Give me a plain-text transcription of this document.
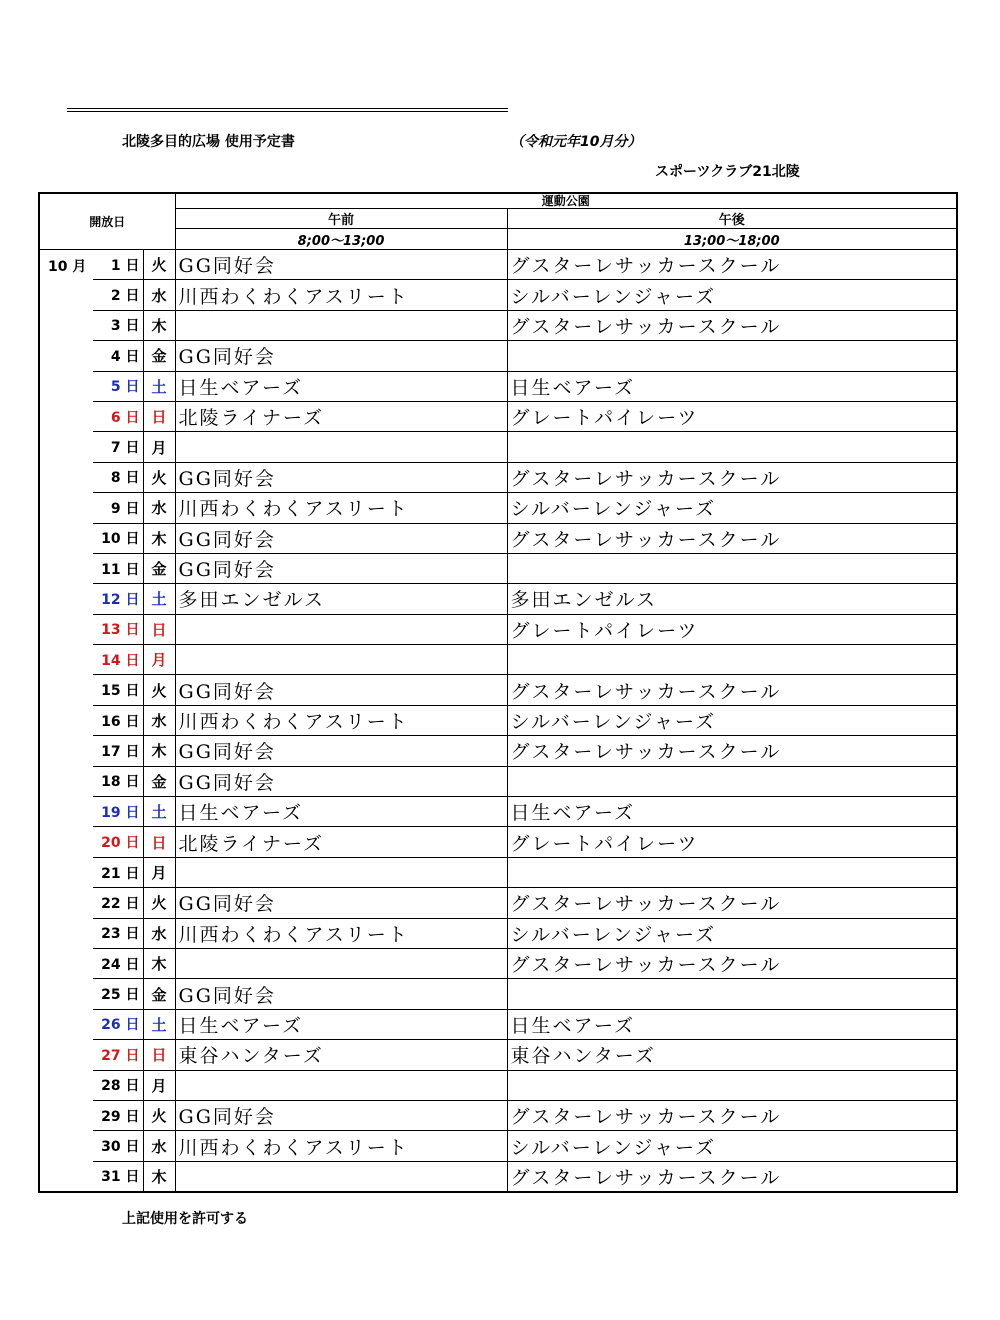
北陵多目的広場 使用予定書	（令和元年10月分）
スポーツクラブ21北陵
開放日			運動公園	
			午前	午後
			8;00～13;00	13;00～18;00
10 月	1 日	火	GG同好会	グスターレサッカースクール
	2 日	水	川西わくわくアスリート	シルバーレンジャーズ
	3 日	木		グスターレサッカースクール
	4 日	金	GG同好会	
	5 日	土	日生ベアーズ	日生ベアーズ
	6 日	日	北陵ライナーズ	グレートパイレーツ
	7 日	月		
	8 日	火	GG同好会	グスターレサッカースクール
	9 日	水	川西わくわくアスリート	シルバーレンジャーズ
	10 日	木	GG同好会	グスターレサッカースクール
	11 日	金	GG同好会	
	12 日	土	多田エンゼルス	多田エンゼルス
	13 日	日		グレートパイレーツ
	14 日	月		
	15 日	火	GG同好会	グスターレサッカースクール
	16 日	水	川西わくわくアスリート	シルバーレンジャーズ
	17 日	木	GG同好会	グスターレサッカースクール
	18 日	金	GG同好会	
	19 日	土	日生ベアーズ	日生ベアーズ
	20 日	日	北陵ライナーズ	グレートパイレーツ
	21 日	月		
	22 日	火	GG同好会	グスターレサッカースクール
	23 日	水	川西わくわくアスリート	シルバーレンジャーズ
	24 日	木		グスターレサッカースクール
	25 日	金	GG同好会	
	26 日	土	日生ベアーズ	日生ベアーズ
	27 日	日	東谷ハンターズ	東谷ハンターズ
	28 日	月		
	29 日	火	GG同好会	グスターレサッカースクール
	30 日	水	川西わくわくアスリート	シルバーレンジャーズ
	31 日	木		グスターレサッカースクール
上記使用を許可する
